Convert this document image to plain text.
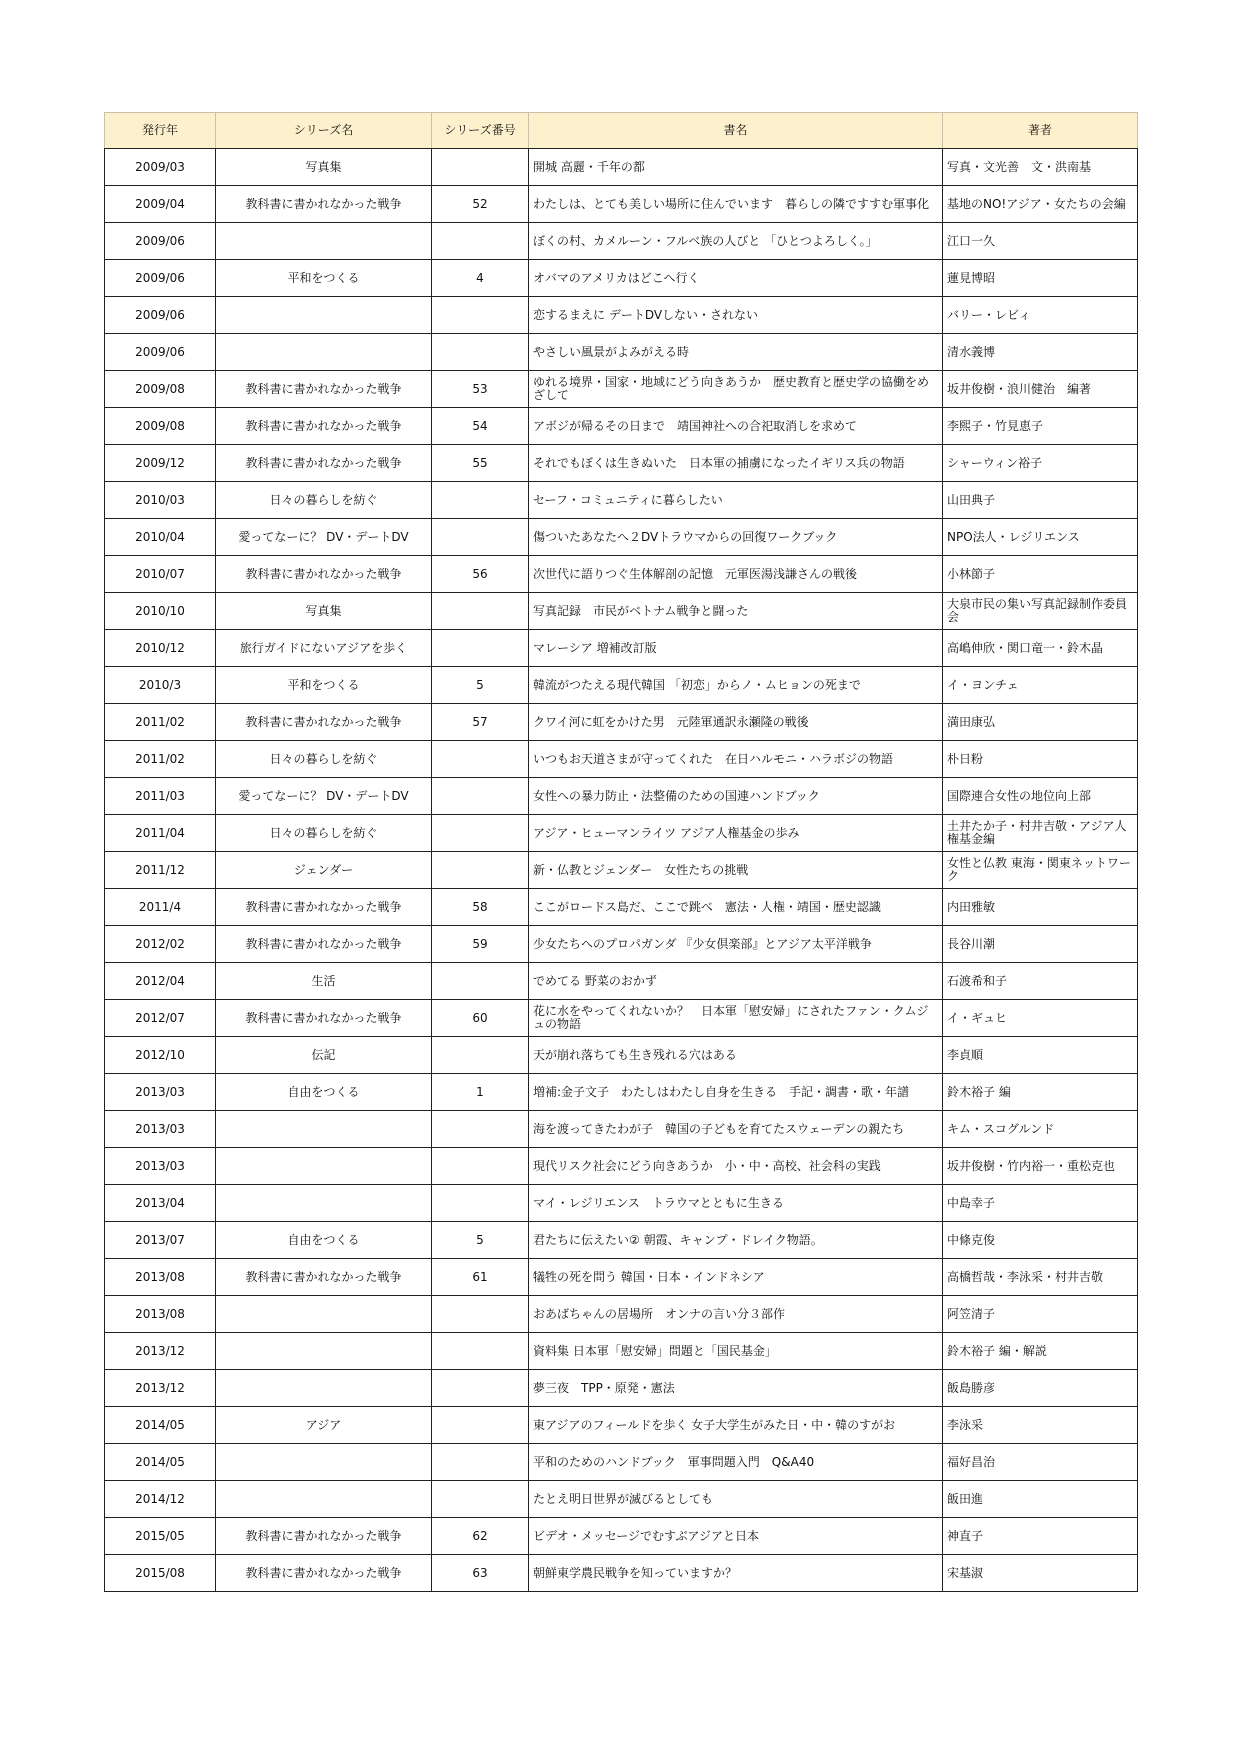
発行年	シリーズ名	シリーズ番号	書名	著者
2009/03	写真集		開城 高麗・千年の都	写真・文光善　文・洪南基
2009/04	教科書に書かれなかった戦争	52	わたしは、とても美しい場所に住んでいます　暮らしの隣ですすむ軍事化	基地のNO!アジア・女たちの会編
2009/06			ぼくの村、カメルーン・フルベ族の人びと 「ひとつよろしく。」	江口一久
2009/06	平和をつくる	4	オバマのアメリカはどこへ行く	蓮見博昭
2009/06			恋するまえに デートDVしない・されない	バリー・レビィ
2009/06			やさしい風景がよみがえる時	清水義博
2009/08	教科書に書かれなかった戦争	53	ゆれる境界・国家・地域にどう向きあうか　歴史教育と歴史学の協働をめざして	坂井俊樹・浪川健治　編著
2009/08	教科書に書かれなかった戦争	54	アボジが帰るその日まで　靖国神社への合祀取消しを求めて	李熙子・竹見恵子
2009/12	教科書に書かれなかった戦争	55	それでもぼくは生きぬいた　日本軍の捕虜になったイギリス兵の物語	シャーウィン裕子
2010/03	日々の暮らしを紡ぐ		セーフ・コミュニティに暮らしたい	山田典子
2010/04	愛ってなーに？ DV・デートDV		傷ついたあなたへ２DVトラウマからの回復ワークブック	NPO法人・レジリエンス
2010/07	教科書に書かれなかった戦争	56	次世代に語りつぐ生体解剖の記憶　元軍医湯浅謙さんの戦後	小林節子
2010/10	写真集		写真記録　市民がベトナム戦争と闘った	大泉市民の集い写真記録制作委員会
2010/12	旅行ガイドにないアジアを歩く		マレーシア 増補改訂版	高嶋伸欣・関口竜一・鈴木晶
2010/3	平和をつくる	5	韓流がつたえる現代韓国 「初恋」からノ・ムヒョンの死まで	イ・ヨンチェ
2011/02	教科書に書かれなかった戦争	57	クワイ河に虹をかけた男　元陸軍通訳永瀬隆の戦後	満田康弘
2011/02	日々の暮らしを紡ぐ		いつもお天道さまが守ってくれた　在日ハルモニ・ハラボジの物語	朴日粉
2011/03	愛ってなーに？ DV・デートDV		女性への暴力防止・法整備のための国連ハンドブック	国際連合女性の地位向上部
2011/04	日々の暮らしを紡ぐ		アジア・ヒューマンライツ アジア人権基金の歩み	土井たか子・村井吉敬・アジア人権基金編
2011/12	ジェンダー		新・仏教とジェンダー　女性たちの挑戦	女性と仏教 東海・関東ネットワーク
2011/4	教科書に書かれなかった戦争	58	ここがロードス島だ、ここで跳べ　憲法・人権・靖国・歴史認識	内田雅敏
2012/02	教科書に書かれなかった戦争	59	少女たちへのプロパガンダ 『少女倶楽部』とアジア太平洋戦争	長谷川潮
2012/04	生活		でめてる 野菜のおかず	石渡希和子
2012/07	教科書に書かれなかった戦争	60	花に水をやってくれないか？　日本軍「慰安婦」にされたファン・クムジュの物語	イ・ギュヒ
2012/10	伝記		天が崩れ落ちても生き残れる穴はある	李貞順
2013/03	自由をつくる	1	増補:金子文子　わたしはわたし自身を生きる　手記・調書・歌・年譜	鈴木裕子 編
2013/03			海を渡ってきたわが子　韓国の子どもを育てたスウェーデンの親たち	キム・スコグルンド
2013/03			現代リスク社会にどう向きあうか　小・中・高校、社会科の実践	坂井俊樹・竹内裕一・重松克也
2013/04			マイ・レジリエンス　トラウマとともに生きる	中島幸子
2013/07	自由をつくる	5	君たちに伝えたい② 朝霞、キャンプ・ドレイク物語。	中條克俊
2013/08	教科書に書かれなかった戦争	61	犠牲の死を問う 韓国・日本・インドネシア	高橋哲哉・李泳采・村井吉敬
2013/08			おあばちゃんの居場所　オンナの言い分３部作	阿笠清子
2013/12			資料集 日本軍「慰安婦」問題と「国民基金」	鈴木裕子 編・解説
2013/12			夢三夜　TPP・原発・憲法	飯島勝彦
2014/05	アジア		東アジアのフィールドを歩く 女子大学生がみた日・中・韓のすがお	李泳采
2014/05			平和のためのハンドブック　軍事問題入門　Q&A40	福好昌治
2014/12			たとえ明日世界が滅びるとしても	飯田進
2015/05	教科書に書かれなかった戦争	62	ビデオ・メッセージでむすぶアジアと日本	神直子
2015/08	教科書に書かれなかった戦争	63	朝鮮東学農民戦争を知っていますか？	宋基淑
